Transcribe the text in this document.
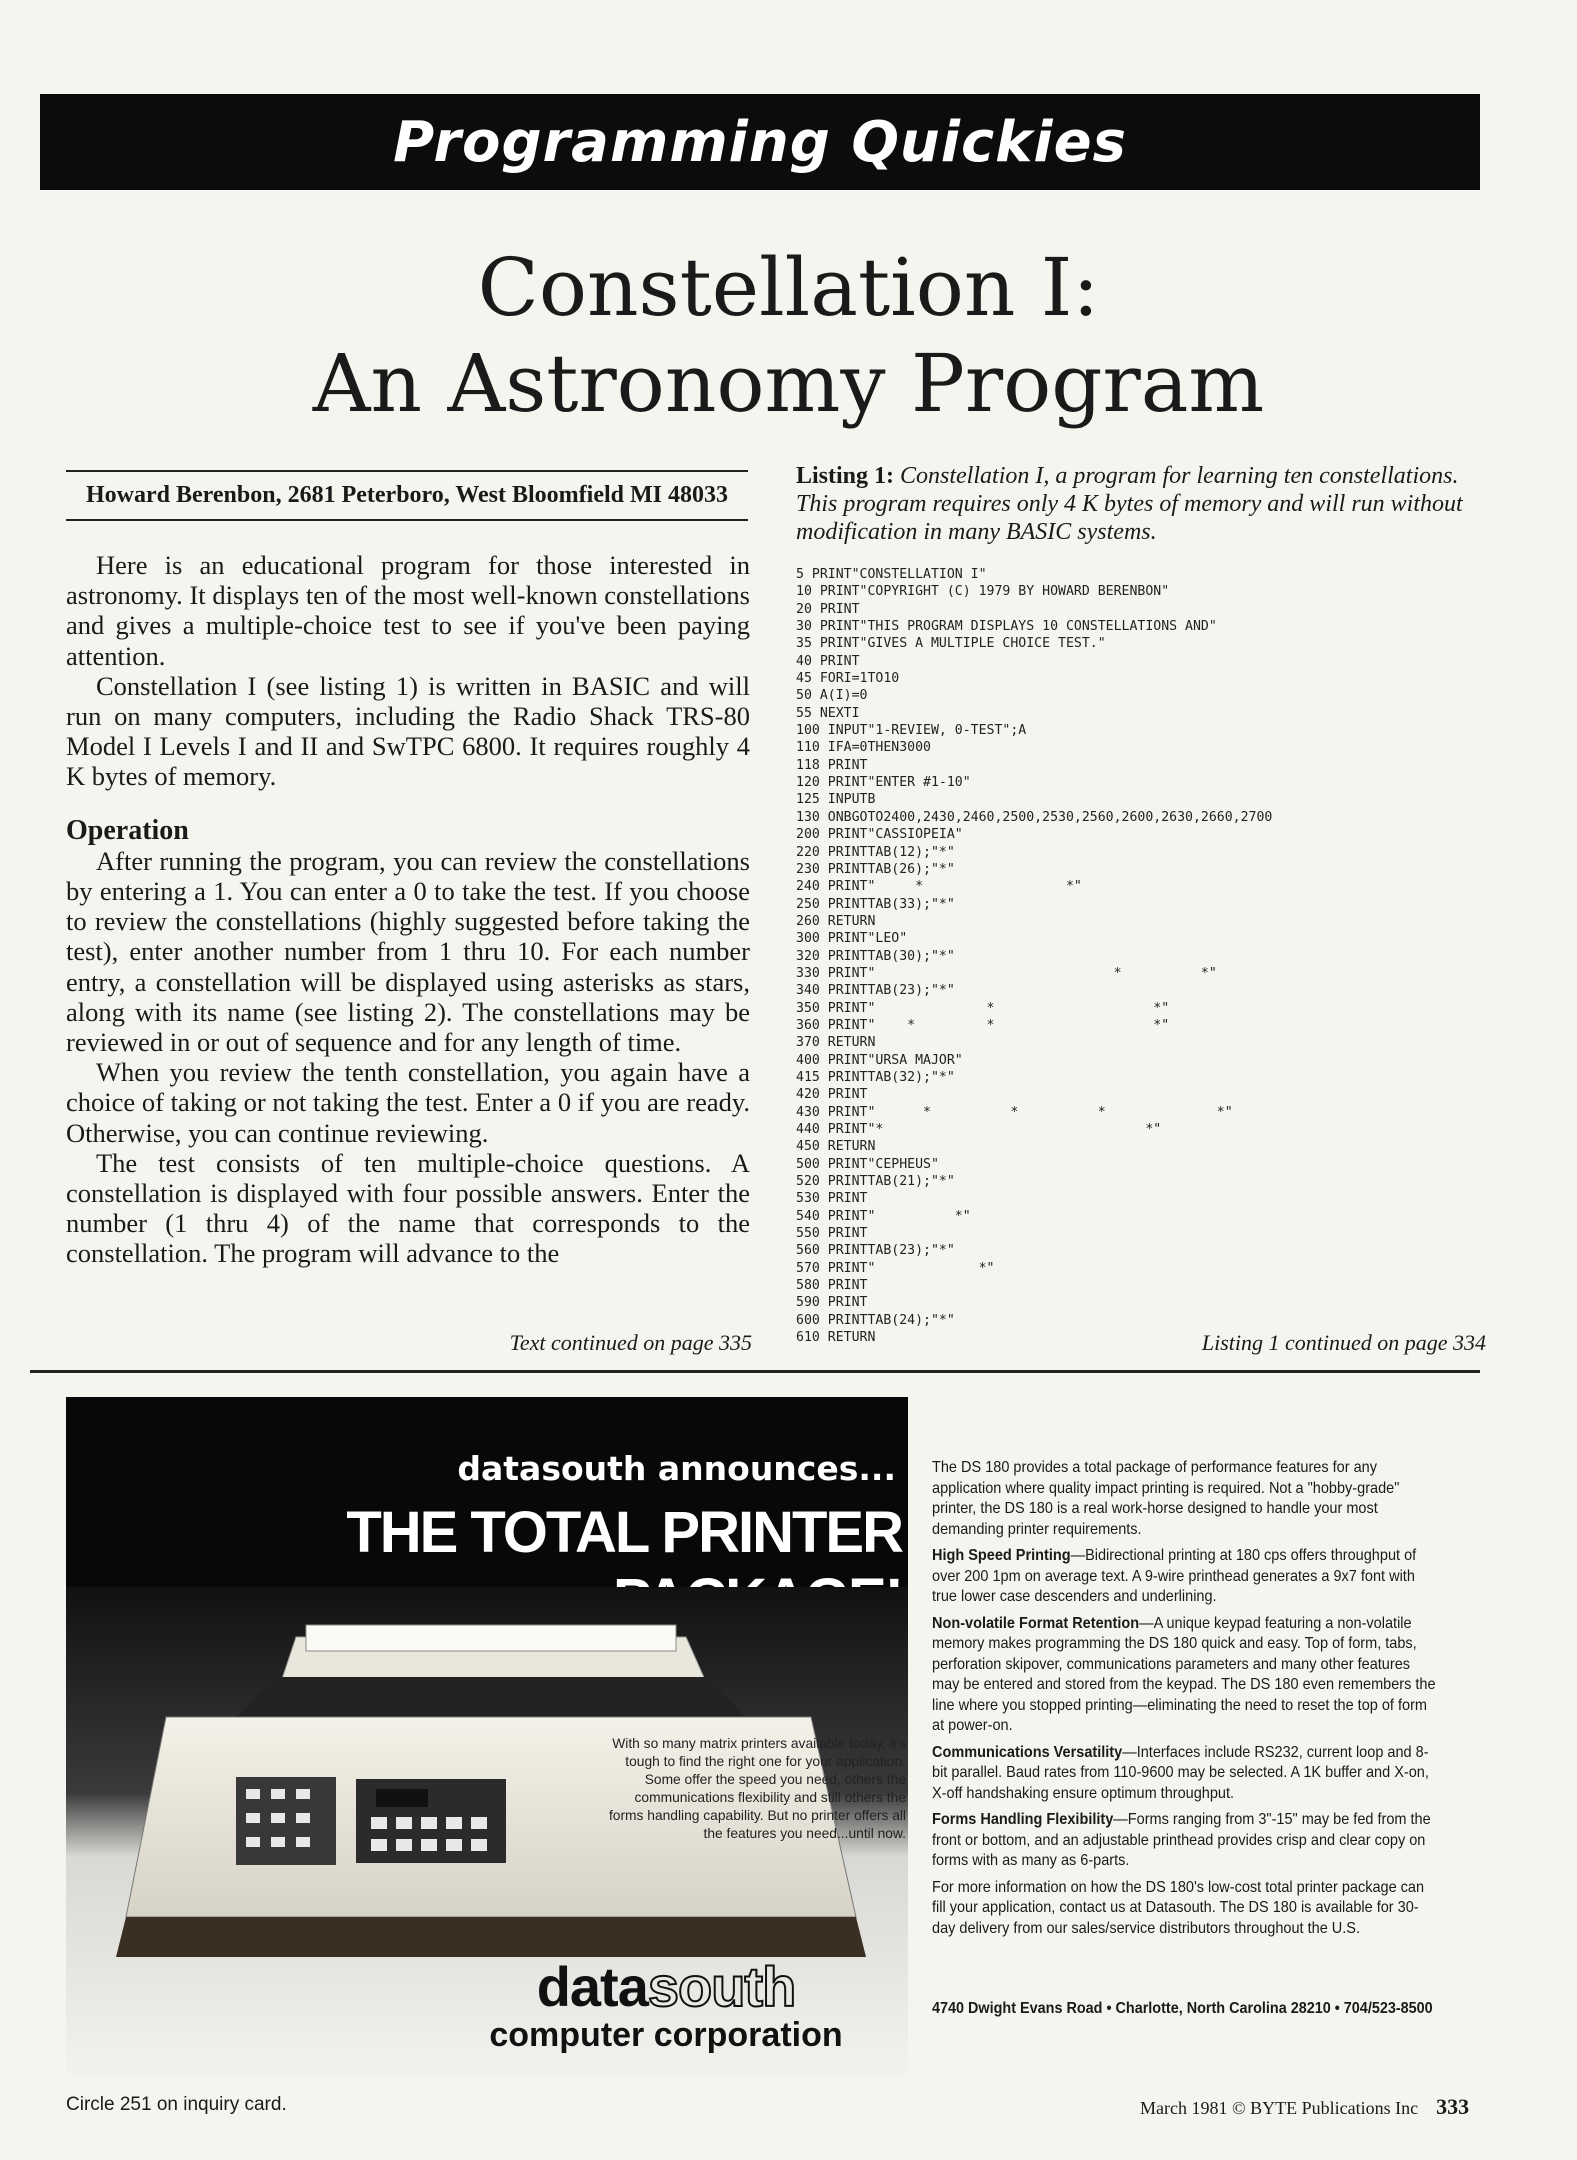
Programming Quickies
Constellation I:
An Astronomy Program
Howard Berenbon, 2681 Peterboro, West Bloomfield MI 48033

Here is an educational program for those interested in astronomy. It displays ten of the most well-known constellations and gives a multiple-choice test to see if you've been paying attention.

Constellation I (see listing 1) is written in BASIC and will run on many computers, including the Radio Shack TRS-80 Model I Levels I and II and SwTPC 6800. It requires roughly 4 K bytes of memory.

Operation

After running the program, you can review the constellations by entering a 1. You can enter a 0 to take the test. If you choose to review the constellations (highly suggested before taking the test), enter another number from 1 thru 10. For each number entry, a constellation will be displayed using asterisks as stars, along with its name (see listing 2). The constellations may be reviewed in or out of sequence and for any length of time.

When you review the tenth constellation, you again have a choice of taking or not taking the test. Enter a 0 if you are ready. Otherwise, you can continue reviewing.

The test consists of ten multiple-choice questions. A constellation is displayed with four possible answers. Enter the number (1 thru 4) of the name that corresponds to the constellation. The program will advance to the

Text continued on page 335
Listing 1: Constellation I, a program for learning ten constellations. This program requires only 4 K bytes of memory and will run without modification in many BASIC systems.
5 PRINT"CONSTELLATION I"
10 PRINT"COPYRIGHT (C) 1979 BY HOWARD BERENBON"
20 PRINT
30 PRINT"THIS PROGRAM DISPLAYS 10 CONSTELLATIONS AND"
35 PRINT"GIVES A MULTIPLE CHOICE TEST."
40 PRINT
45 FORI=1TO10
50 A(I)=0
55 NEXTI
100 INPUT"1-REVIEW, 0-TEST";A
110 IFA=0THEN3000
118 PRINT
120 PRINT"ENTER #1-10"
125 INPUTB
130 ONBGOTO2400,2430,2460,2500,2530,2560,2600,2630,2660,2700
200 PRINT"CASSIOPEIA"
220 PRINTTAB(12);"*"
230 PRINTTAB(26);"*"
240 PRINT"     *                  *"
250 PRINTTAB(33);"*"
260 RETURN
300 PRINT"LEO"
320 PRINTTAB(30);"*"
330 PRINT"                              *          *"
340 PRINTTAB(23);"*"
350 PRINT"              *                    *"
360 PRINT"    *         *                    *"
370 RETURN
400 PRINT"URSA MAJOR"
415 PRINTTAB(32);"*"
420 PRINT
430 PRINT"      *          *          *              *"
440 PRINT"*                                 *"
450 RETURN
500 PRINT"CEPHEUS"
520 PRINTTAB(21);"*"
530 PRINT
540 PRINT"          *"
550 PRINT
560 PRINTTAB(23);"*"
570 PRINT"             *"
580 PRINT
590 PRINT
600 PRINTTAB(24);"*"
610 RETURN	Listing 1 continued on page 334
datasouth announces...
THE TOTAL PRINTER
With so many matrix printers available today, it's tough to find the right one for your application. Some offer the speed you need, others the communications flexibility and still others the forms handling capability. But no printer offers all the features you need...until now.
datasouth
computer corporation

The DS 180 provides a total package of performance features for any application where quality impact printing is required. Not a "hobby-grade" printer, the DS 180 is a real work-horse designed to handle your most demanding printer requirements.

High Speed Printing—Bidirectional printing at 180 cps offers throughput of over 200 1pm on average text. A 9-wire printhead generates a 9x7 font with true lower case descenders and underlining.

Non-volatile Format Retention—A unique keypad featuring a non-volatile memory makes programming the DS 180 quick and easy. Top of form, tabs, perforation skipover, communications parameters and many other features may be entered and stored from the keypad. The DS 180 even remembers the line where you stopped printing—eliminating the need to reset the top of form at power-on.

Communications Versatility—Interfaces include RS232, current loop and 8-bit parallel. Baud rates from 110-9600 may be selected. A 1K buffer and X-on, X-off handshaking ensure optimum throughput.

Forms Handling Flexibility—Forms ranging from 3"-15" may be fed from the front or bottom, and an adjustable printhead provides crisp and clear copy on forms with as many as 6-parts.

For more information on how the DS 180's low-cost total printer package can fill your application, contact us at Datasouth. The DS 180 is available for 30-day delivery from our sales/service distributors throughout the U.S.

4740 Dwight Evans Road • Charlotte, North Carolina 28210 • 704/523-8500
Circle 251 on inquiry card.	March 1981 © BYTE Publications Inc 333
